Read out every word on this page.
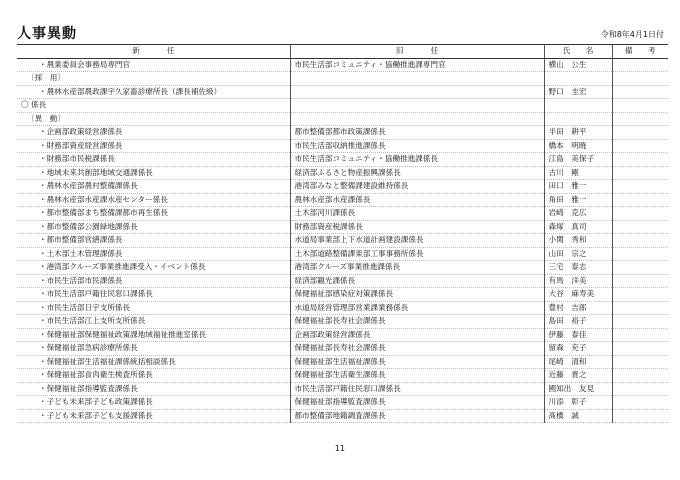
人事異動	令和8年4月1日付
新　　任	旧　　任	氏　名	備　考
・農業委員会事務局専門官	市民生活部コミュニティ・協働推進課専門官	横山　公生	
〔採　用〕			
・農林水産部農政課宇久家畜診療所長（課長補佐級）		野口　圭宏	
〇 係長			
〔異　動〕			
・企画部政策経営課係長	都市整備部都市政策課係長	半田　耕平	
・財務部資産経営課係長	市民生活部収納推進課係長	橋本　明暁	
・財務部市民税課係長	市民生活部コミュニティ・協働推進課係長	江島　美保子	
・地域未来共創部地域交通課係長	経済部ふるさと物産振興課係長	古川　剛	
・農林水産部農村整備課係長	港湾部みなと整備課建設維持係長	田口　雅一	
・農林水産部水産課水産センター係長	農林水産部水産課係長	角田　雅一	
・都市整備部まち整備課都市再生係長	土木部河川課係長	岩崎　克広	
・都市整備部公園緑地課係長	財務部資産税課係長	森塚　真司	
・都市整備部営繕課係長	水道局事業部上下水道計画建設課係長	小関　秀和	
・土木部土木管理課係長	土木部道路整備課東部工事事務所係長	山田　宗之	
・港湾部クルーズ事業推進課受入・イベント係長	港湾部クルーズ事業推進課係長	三宅　泰志	
・市民生活部市民課係長	経済部観光課係長	有馬　洋美	
・市民生活部戸籍住民窓口課係長	保健福祉部感染症対策課係長	大谷　麻寿美	
・市民生活部日宇支所係長	水道局経営管理部営業課業務係長	豊村　吉郎	
・市民生活部江上支所支所係長	保健福祉部長寿社会課係長	島田　裕子	
・保健福祉部保健福祉政策課地域福祉推進室係長	企画部政策経営課係長	伊藤　泰佳	
・保健福祉部急病診療所係長	保健福祉部長寿社会課係長	留森　充子	
・保健福祉部生活福祉課係統括相談係長	保健福祉部生活福祉課係長	尾崎　清和	
・保健福祉部食肉衛生検査所係長	保健福祉部生活衛生課係長	近藤　貴之	
・保健福祉部指導監査課係長	市民生活部戸籍住民窓口課係長	國知出　友見	
・子ども未来部子ども政策課係長	保健福祉部指導監査課係長	川添　彰子	
・子ども未来部子ども支援課係長	都市整備部地籍調査課係長	髙橋　誠	
11
